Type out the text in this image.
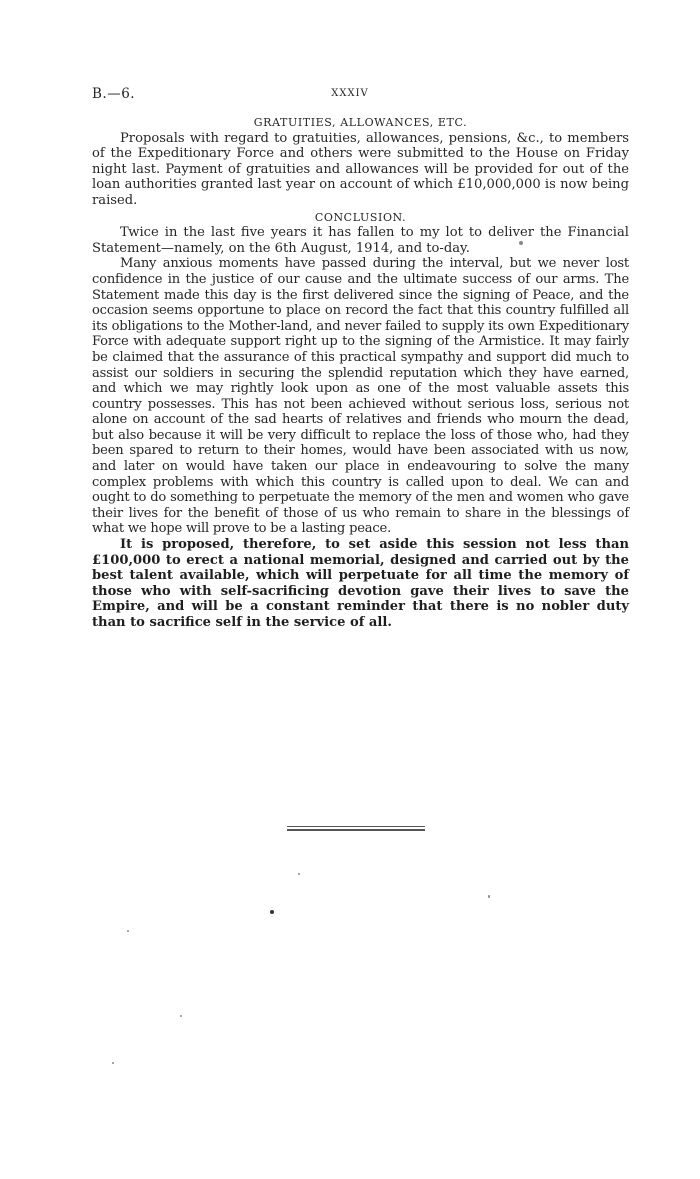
B.—6.	XXXIV
GRATUITIES, ALLOWANCES, ETC.

Proposals with regard to gratuities, allowances, pensions, &c., to members of the Expeditionary Force and others were submitted to the House on Friday night last. Payment of gratuities and allowances will be provided for out of the loan authorities granted last year on account of which £10,000,000 is now being raised.

CONCLUSION.

Twice in the last five years it has fallen to my lot to deliver the Financial Statement—namely, on the 6th August, 1914, and to-day.

Many anxious moments have passed during the interval, but we never lost confidence in the justice of our cause and the ultimate success of our arms. The Statement made this day is the first delivered since the signing of Peace, and the occasion seems opportune to place on record the fact that this country fulfilled all its obligations to the Mother-land, and never failed to supply its own Expeditionary Force with adequate support right up to the signing of the Armistice. It may fairly be claimed that the assurance of this practical sympathy and support did much to assist our soldiers in securing the splendid reputation which they have earned, and which we may rightly look upon as one of the most valuable assets this country possesses. This has not been achieved without serious loss, serious not alone on account of the sad hearts of relatives and friends who mourn the dead, but also because it will be very difficult to replace the loss of those who, had they been spared to return to their homes, would have been associated with us now, and later on would have taken our place in endeavouring to solve the many complex problems with which this country is called upon to deal. We can and ought to do something to perpetuate the memory of the men and women who gave their lives for the benefit of those of us who remain to share in the blessings of what we hope will prove to be a lasting peace.

It is proposed, therefore, to set aside this session not less than £100,000 to erect a national memorial, designed and carried out by the best talent available, which will perpetuate for all time the memory of those who with self-sacrificing devotion gave their lives to save the Empire, and will be a constant reminder that there is no nobler duty than to sacrifice self in the service of all.
